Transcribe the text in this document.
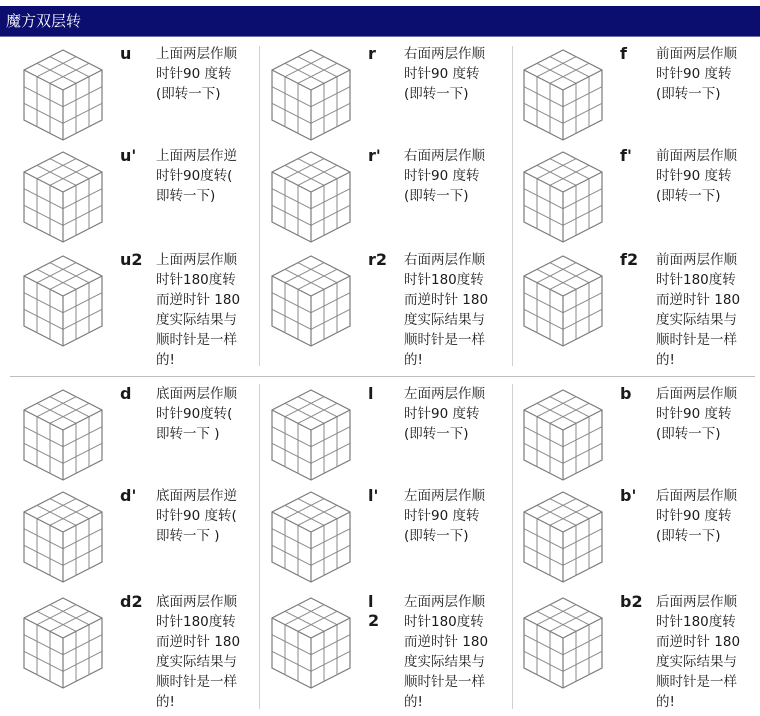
魔方双层转
u 上面两层作顺
时针90 度转
(即转一下)
r 右面两层作顺
时针90 度转
(即转一下)
f 前面两层作顺
时针90 度转
(即转一下)
u' 上面两层作逆
时针90度转(
即转一下)
r' 右面两层作顺
时针90 度转
(即转一下)
f' 前面两层作顺
时针90 度转
(即转一下)
u2 上面两层作顺
时针180度转
而逆时针 180
度实际结果与
顺时针是一样
的!
r2 右面两层作顺
时针180度转
而逆时针 180
度实际结果与
顺时针是一样
的!
f2 前面两层作顺
时针180度转
而逆时针 180
度实际结果与
顺时针是一样
的!
d 底面两层作顺
时针90度转(
即转一下 )
l 左面两层作顺
时针90 度转
(即转一下)
b 后面两层作顺
时针90 度转
(即转一下)
d' 底面两层作逆
时针90 度转(
即转一下 )
l' 左面两层作顺
时针90 度转
(即转一下)
b' 后面两层作顺
时针90 度转
(即转一下)
d2 底面两层作顺
时针180度转
而逆时针 180
度实际结果与
顺时针是一样
的!
l 2
左面两层作顺
时针180度转
而逆时针 180
度实际结果与
顺时针是一样
的!
b2 后面两层作顺
时针180度转
而逆时针 180
度实际结果与
顺时针是一样
的!
